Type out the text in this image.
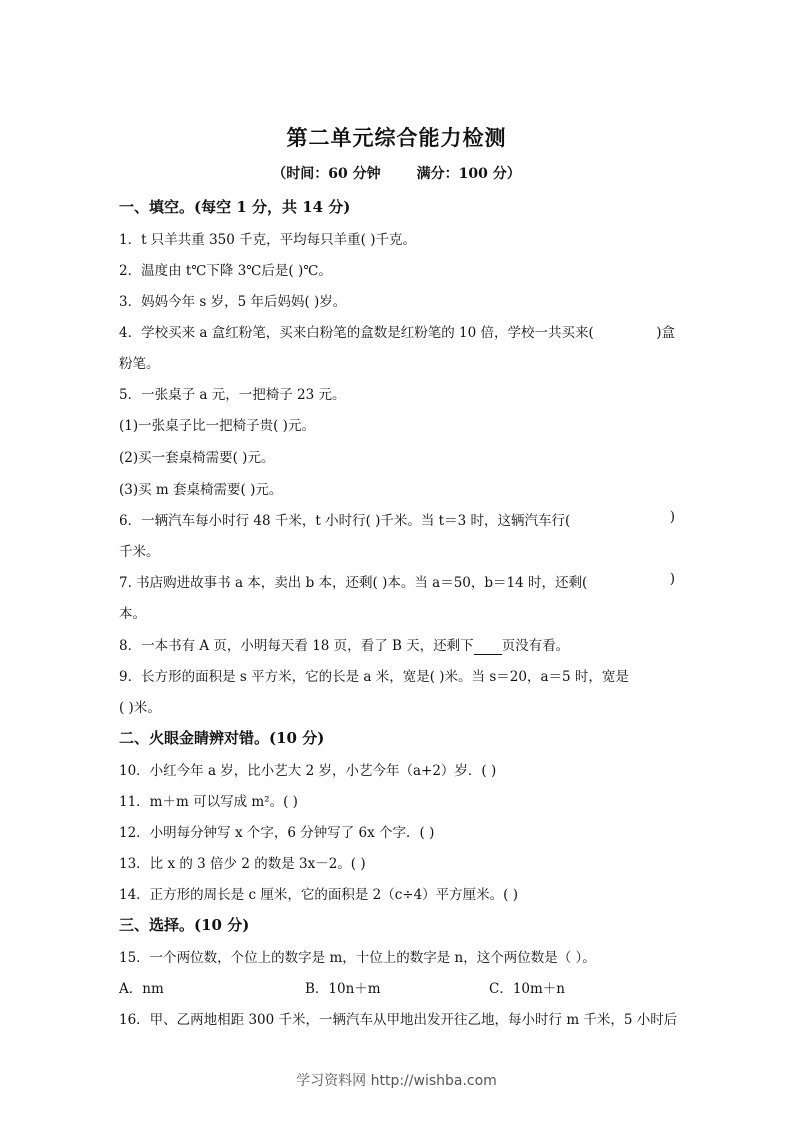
第二单元综合能力检测
（时间：60 分钟	满分：100 分）
一、填空。(每空 1 分，共 14 分)
1．t 只羊共重 350 千克，平均每只羊重( )千克。
2．温度由 t℃下降 3℃后是( )℃。
3．妈妈今年 s 岁，5 年后妈妈( )岁。
4．学校买来 a 盒红粉笔，买来白粉笔的盒数是红粉笔的 10 倍，学校一共买来(	)盒
粉笔。
5．一张桌子 a 元，一把椅子 23 元。
(1)一张桌子比一把椅子贵( )元。
(2)买一套桌椅需要( )元。
(3)买 m 套桌椅需要( )元。
6．一辆汽车每小时行 48 千米，t 小时行( )千米。当 t＝3 时，这辆汽车行(	)
千米。
7. 书店购进故事书 a 本，卖出 b 本，还剩( )本。当 a＝50，b＝14 时，还剩(	)
本。
8．一本书有 A 页，小明每天看 18 页，看了 B 天，还剩下 页没有看。
9．长方形的面积是 s 平方米，它的长是 a 米，宽是( )米。当 s＝20，a＝5 时，宽是
( )米。
二、火眼金睛辨对错。(10 分)
10．小红今年 a 岁，比小艺大 2 岁，小艺今年（a+2）岁．( )
11．m＋m 可以写成 m²。( )
12．小明每分钟写 x 个字，6 分钟写了 6x 个字．( )
13．比 x 的 3 倍少 2 的数是 3x－2。( )
14．正方形的周长是 c 厘米，它的面积是 2（c÷4）平方厘米。( )
三、选择。(10 分)
15．一个两位数，个位上的数字是 m，十位上的数字是 n，这个两位数是（ ）。
A．nm	B．10n＋m	C．10m＋n
16．甲、乙两地相距 300 千米，一辆汽车从甲地出发开往乙地，每小时行 m 千米，5 小时后
学习资料网 http://wishba.com
